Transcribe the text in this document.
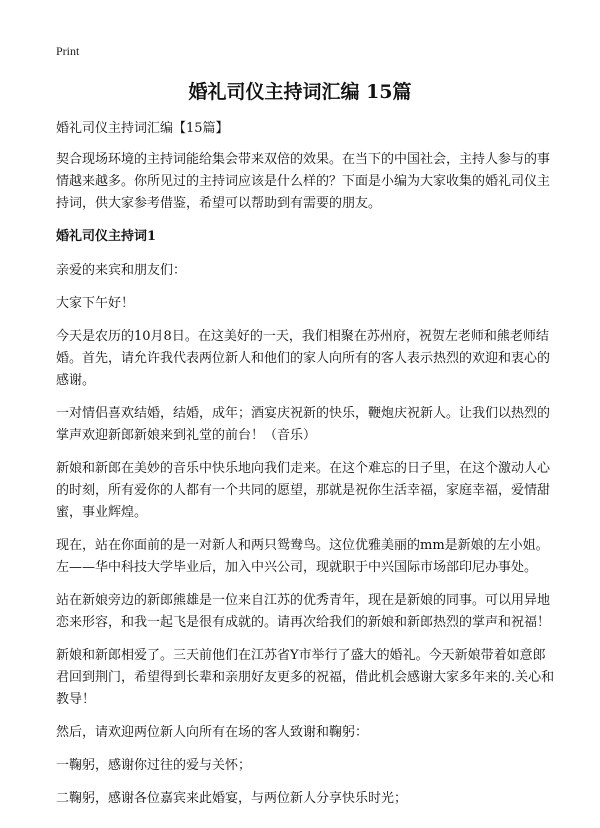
Print
婚礼司仪主持词汇编 15篇

婚礼司仪主持词汇编【15篇】

契合现场环境的主持词能给集会带来双倍的效果。在当下的中国社会，主持人参与的事情越来越多。你所见过的主持词应该是什么样的？下面是小编为大家收集的婚礼司仪主持词，供大家参考借鉴，希望可以帮助到有需要的朋友。

婚礼司仪主持词1

亲爱的来宾和朋友们：

大家下午好！

今天是农历的10月8日。在这美好的一天，我们相聚在苏州府，祝贺左老师和熊老师结婚。首先，请允许我代表两位新人和他们的家人向所有的客人表示热烈的欢迎和衷心的感谢。

一对情侣喜欢结婚，结婚，成年；酒宴庆祝新的快乐，鞭炮庆祝新人。让我们以热烈的掌声欢迎新郎新娘来到礼堂的前台！（音乐）

新娘和新郎在美妙的音乐中快乐地向我们走来。在这个难忘的日子里，在这个激动人心的时刻，所有爱你的人都有一个共同的愿望，那就是祝你生活幸福，家庭幸福，爱情甜蜜，事业辉煌。

现在，站在你面前的是一对新人和两只鸳鸯鸟。这位优雅美丽的mm是新娘的左小姐。左——华中科技大学毕业后，加入中兴公司，现就职于中兴国际市场部印尼办事处。

站在新娘旁边的新郎熊雄是一位来自江苏的优秀青年，现在是新娘的同事。可以用异地恋来形容，和我一起飞是很有成就的。请再次给我们的新娘和新郎热烈的掌声和祝福！

新娘和新郎相爱了。三天前他们在江苏省Y市举行了盛大的婚礼。今天新娘带着如意郎君回到荆门，希望得到长辈和亲朋好友更多的祝福，借此机会感谢大家多年来的.关心和教导！

然后，请欢迎两位新人向所有在场的客人致谢和鞠躬：

一鞠躬，感谢你过往的爱与关怀；

二鞠躬，感谢各位嘉宾来此婚宴，与两位新人分享快乐时光；
